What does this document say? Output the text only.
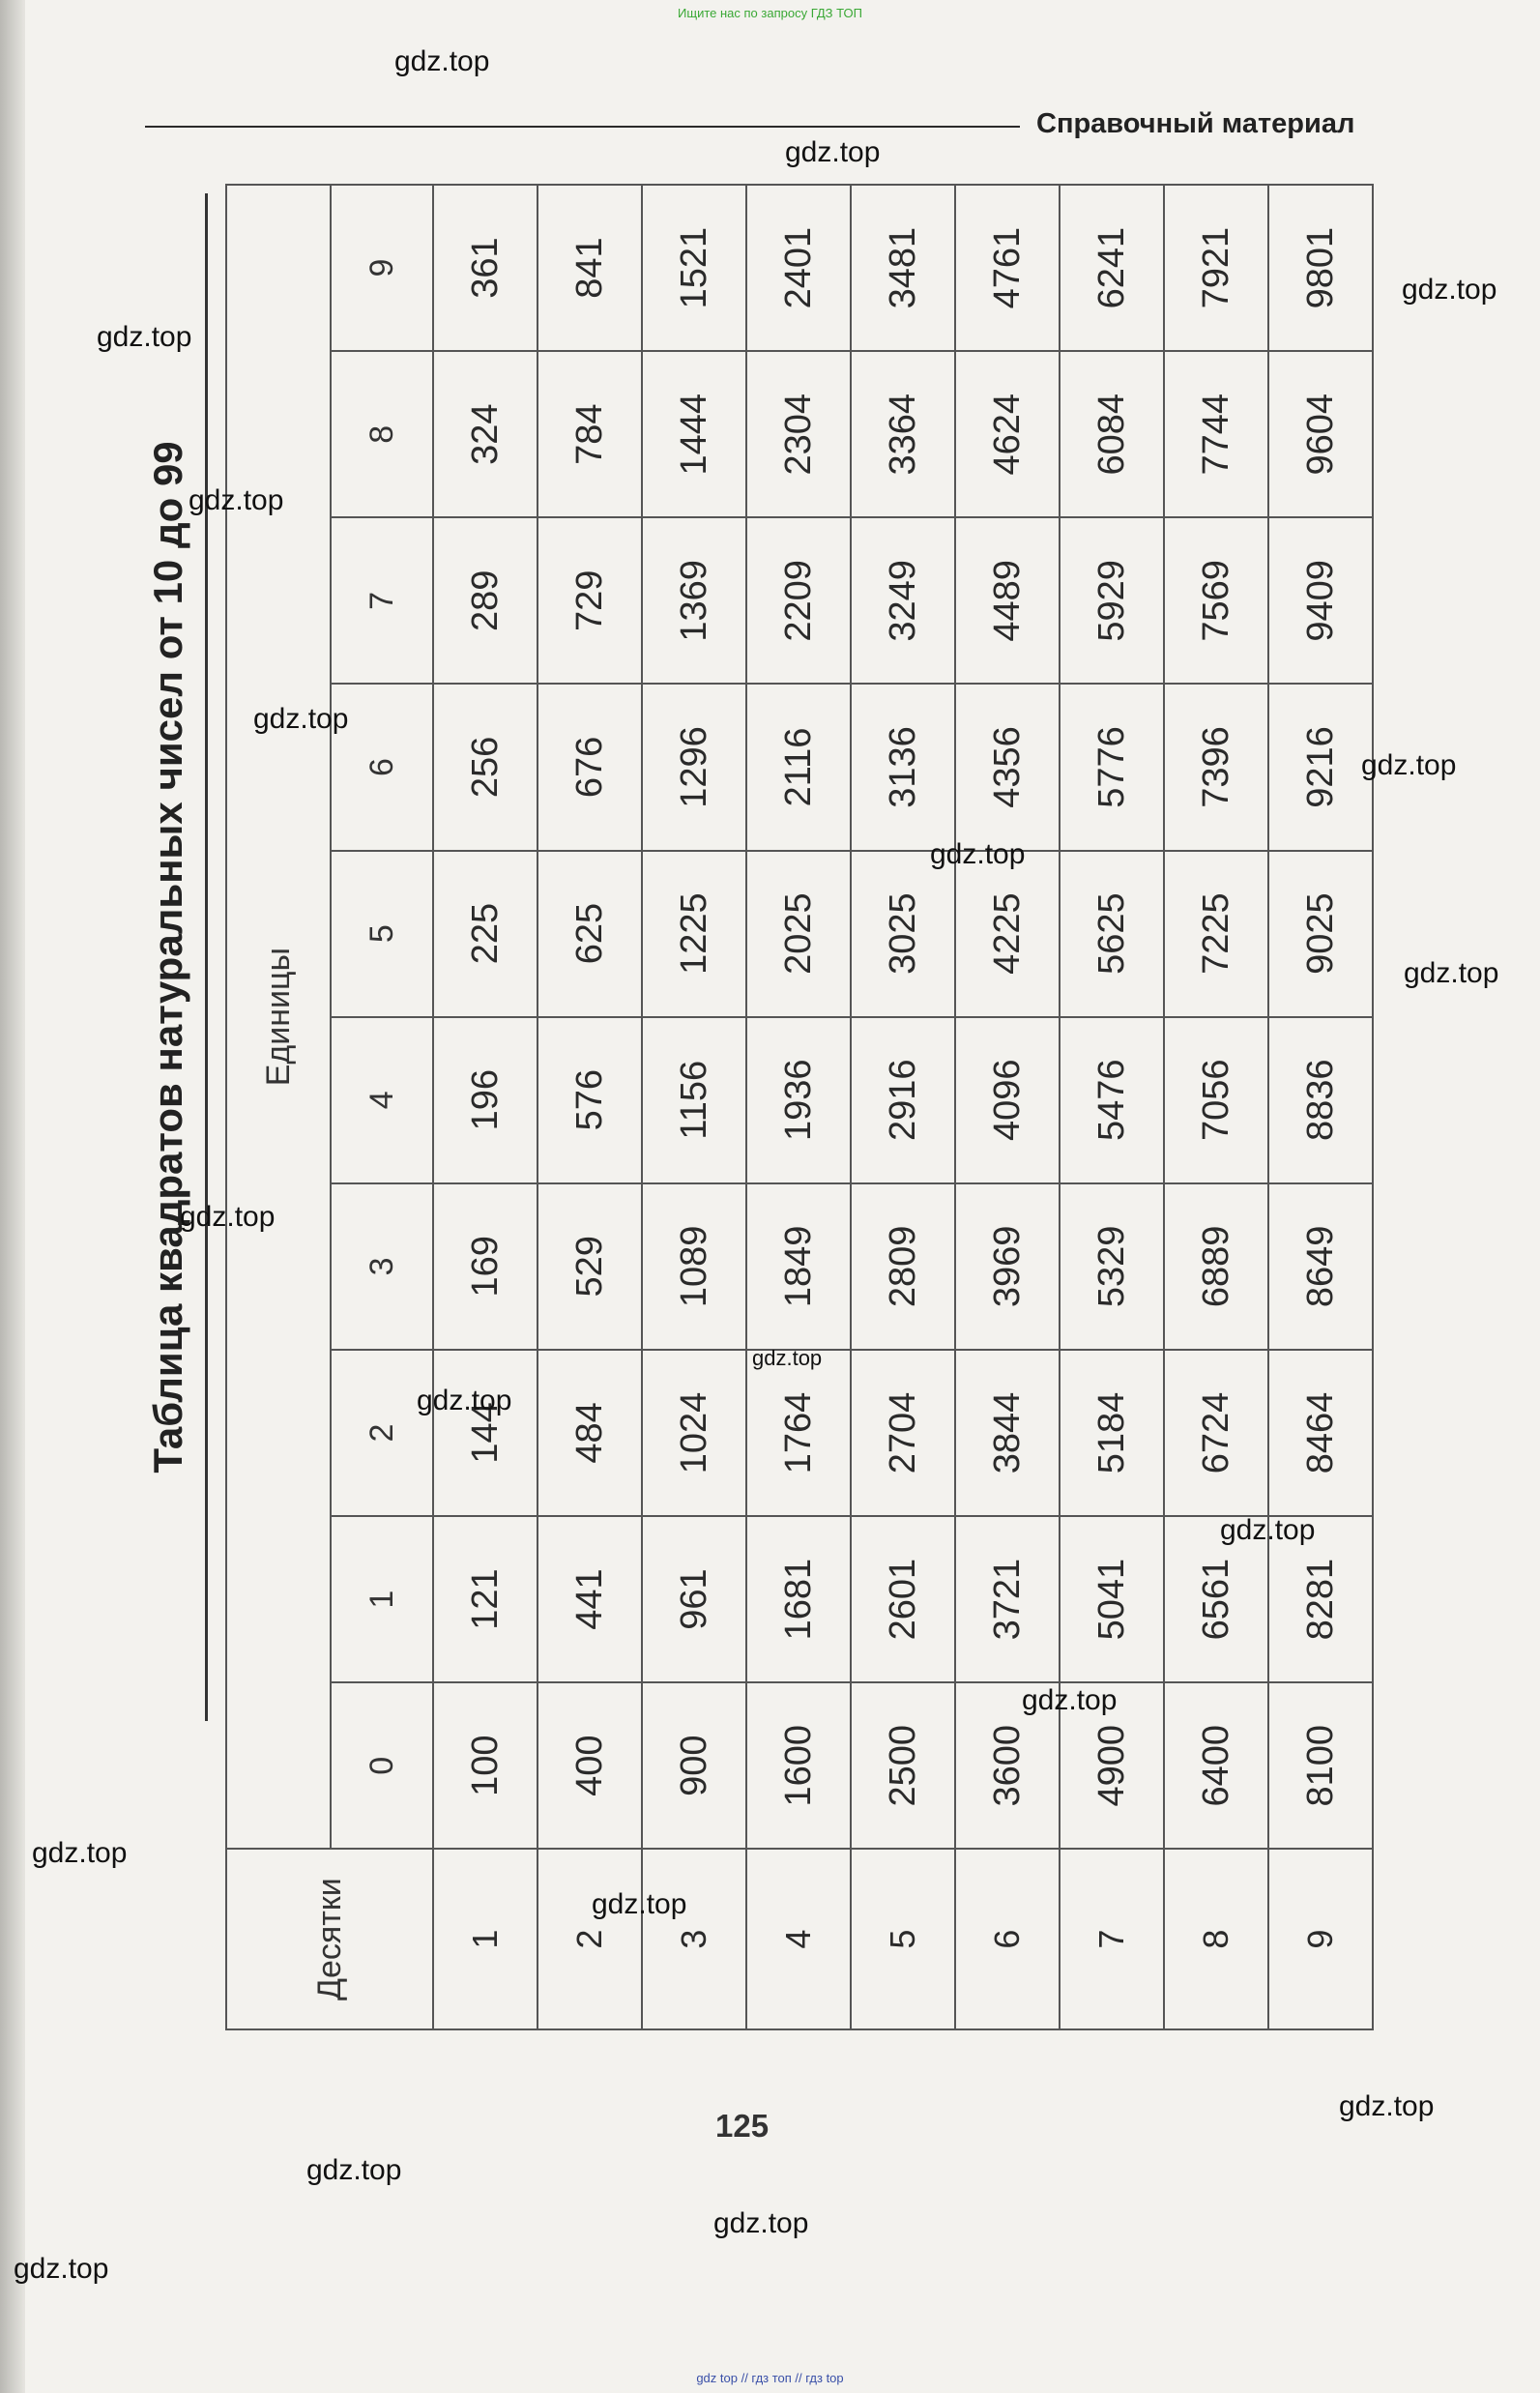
Ищите нас по запросу ГДЗ ТОП
Справочный материал
Таблица квадратов натуральных чисел от 10 до 99
Десятки	Единицы									
	0	1	2	3	4	5	6	7	8	9
1	100	121	144	169	196	225	256	289	324	361
2	400	441	484	529	576	625	676	729	784	841
3	900	961	1024	1089	1156	1225	1296	1369	1444	1521
4	1600	1681	1764	1849	1936	2025	2116	2209	2304	2401
5	2500	2601	2704	2809	2916	3025	3136	3249	3364	3481
6	3600	3721	3844	3969	4096	4225	4356	4489	4624	4761
7	4900	5041	5184	5329	5476	5625	5776	5929	6084	6241
8	6400	6561	6724	6889	7056	7225	7396	7569	7744	7921
9	8100	8281	8464	8649	8836	9025	9216	9409	9604	9801
125
gdz.top
gdz.top
gdz.top
gdz.top
gdz.top
gdz.top
gdz.top
gdz.top
gdz.top
gdz.top
gdz.top
gdz.top
gdz.top
gdz.top
gdz.top
gdz.top
gdz.top
gdz.top
gdz.top
gdz.top
gdz top // гдз топ // гдз top
